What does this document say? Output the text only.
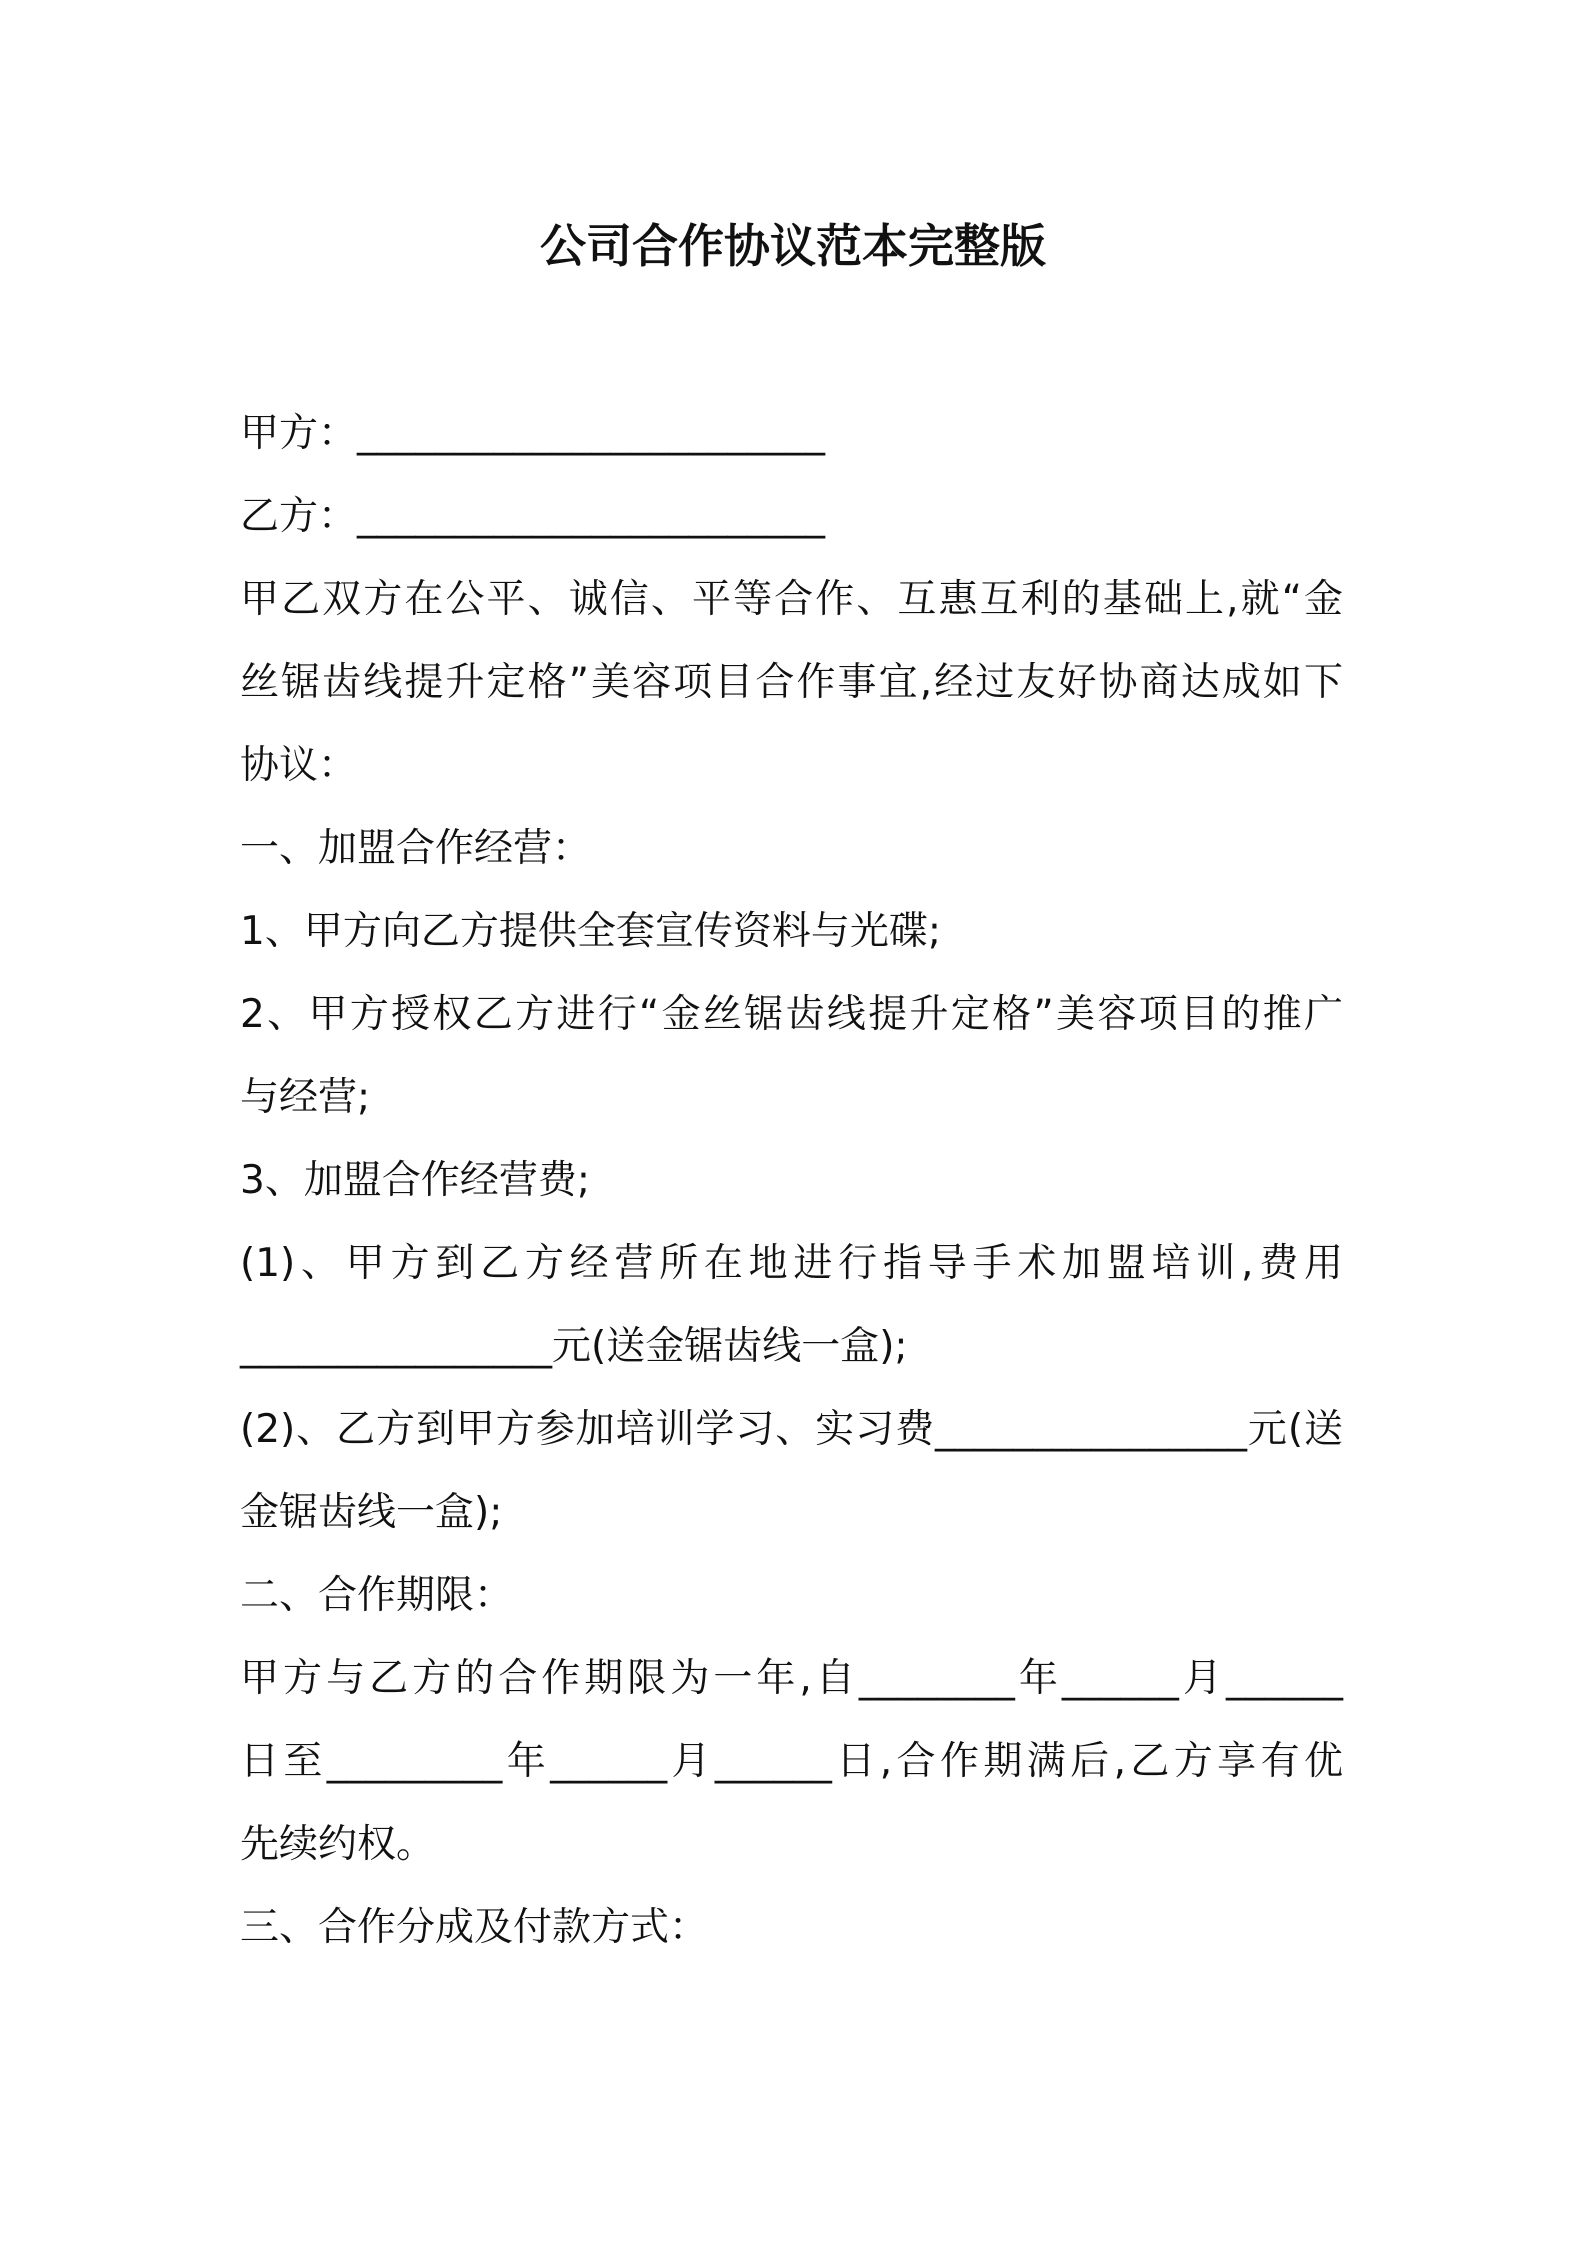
公司合作协议范本完整版
甲方：________________________
乙方：________________________
甲乙双方在公平、诚信、平等合作、互惠互利的基础上,就“金
丝锯齿线提升定格”美容项目合作事宜,经过友好协商达成如下
协议：
一、加盟合作经营：
1、甲方向乙方提供全套宣传资料与光碟;
2、甲方授权乙方进行“金丝锯齿线提升定格”美容项目的推广
与经营;
3、加盟合作经营费;
(1)、甲方到乙方经营所在地进行指导手术加盟培训,费用
________________元(送金锯齿线一盒);
(2)、乙方到甲方参加培训学习、实习费________________元(送
金锯齿线一盒);
二、合作期限：
甲方与乙方的合作期限为一年,自________年______月______
日至_________年______月______日,合作期满后,乙方享有优
先续约权。
三、合作分成及付款方式：
